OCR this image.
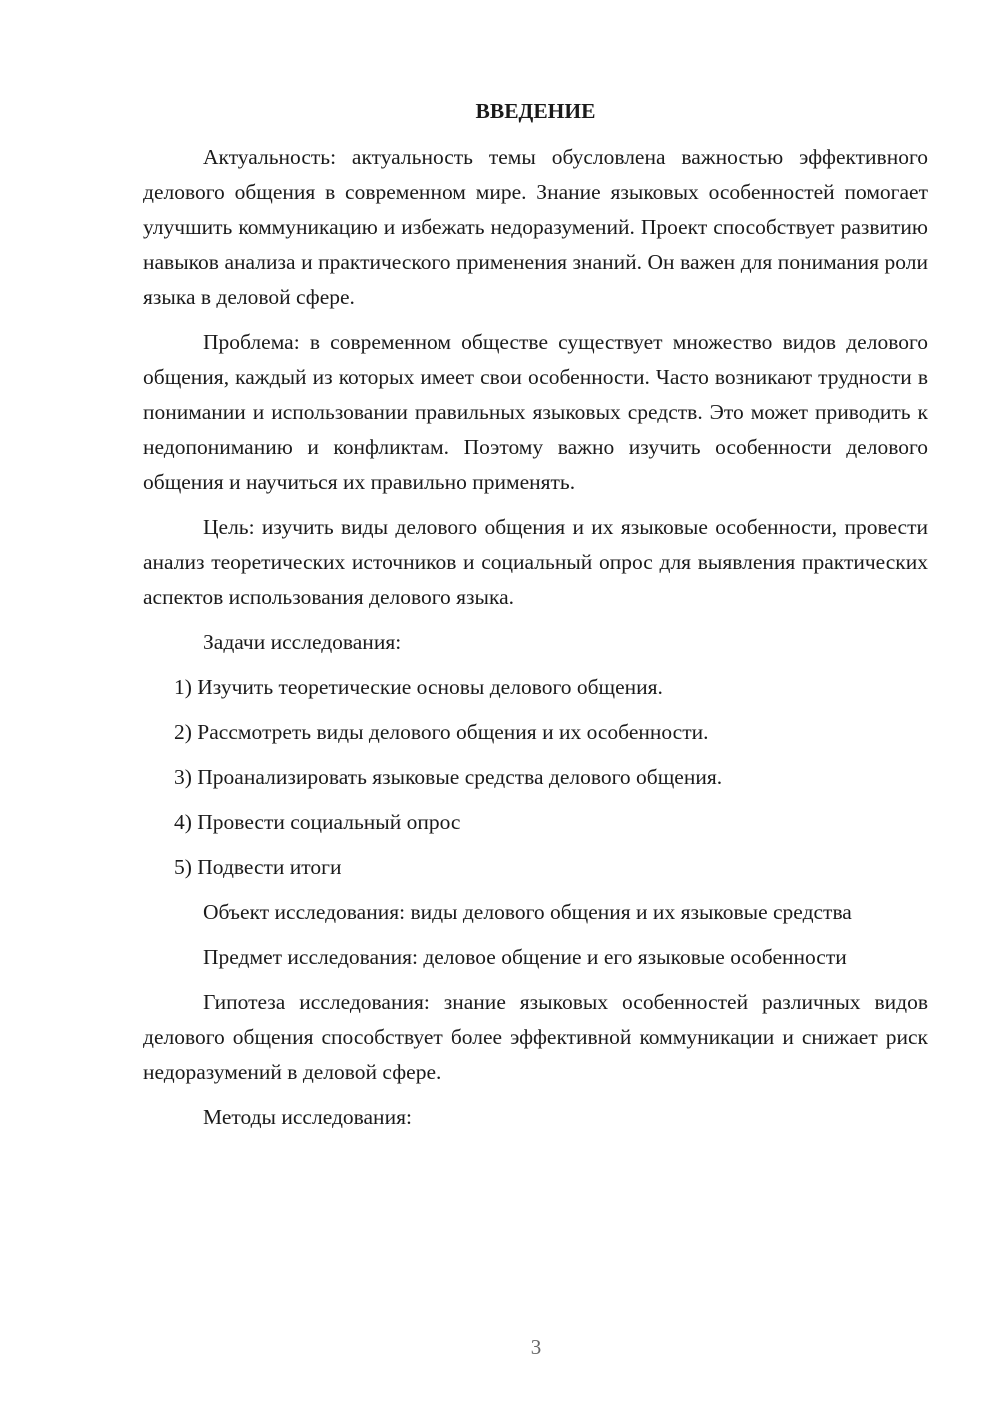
ВВЕДЕНИЕ

Актуальность: актуальность темы обусловлена важностью эффективного делового общения в современном мире. Знание языковых особенностей помогает улучшить коммуникацию и избежать недоразумений. Проект способствует развитию навыков анализа и практического применения знаний. Он важен для понимания роли языка в деловой сфере.

Проблема: в современном обществе существует множество видов делового общения, каждый из которых имеет свои особенности. Часто возникают трудности в понимании и использовании правильных языковых средств. Это может приводить к недопониманию и конфликтам. Поэтому важно изучить особенности делового общения и научиться их правильно применять.

Цель: изучить виды делового общения и их языковые особенности, провести анализ теоретических источников и социальный опрос для выявления практических аспектов использования делового языка.

Задачи исследования:

1) Изучить теоретические основы делового общения.

2) Рассмотреть виды делового общения и их особенности.

3) Проанализировать языковые средства делового общения.

4) Провести социальный опрос

5) Подвести итоги

Объект исследования: виды делового общения и их языковые средства

Предмет исследования: деловое общение и его языковые особенности

Гипотеза исследования: знание языковых особенностей различных видов делового общения способствует более эффективной коммуникации и снижает риск недоразумений в деловой сфере.

Методы исследования:

3
